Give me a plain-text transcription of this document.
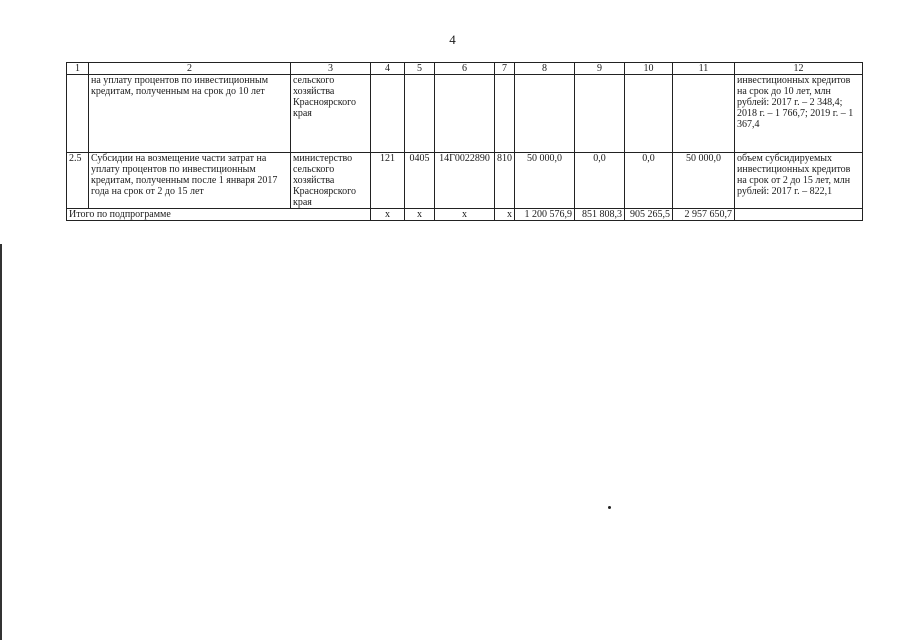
4
1	2	3	4	5	6	7	8	9	10	11	12
	на уплату процентов по инвестиционным кредитам, полученным на срок до 10 лет	сельского хозяйства Красноярского края									инвестиционных кредитов на срок до 10 лет, млн рублей: 2017 г. – 2 348,4; 2018 г. – 1 766,7; 2019 г. – 1 367,4
2.5	Субсидии на возмещение части затрат на уплату процентов по инвестиционным кредитам, полученным после 1 января 2017 года на срок от 2 до 15 лет	министерство сельского хозяйства Красноярского края	121	0405	14Г0022890	810	50 000,0	0,0	0,0	50 000,0	объем субсидируемых инвестиционных кредитов на срок от 2 до 15 лет, млн рублей: 2017 г. – 822,1
Итого по подпрограмме			х	х	х	х	1 200 576,9	851 808,3	905 265,5	2 957 650,7	
